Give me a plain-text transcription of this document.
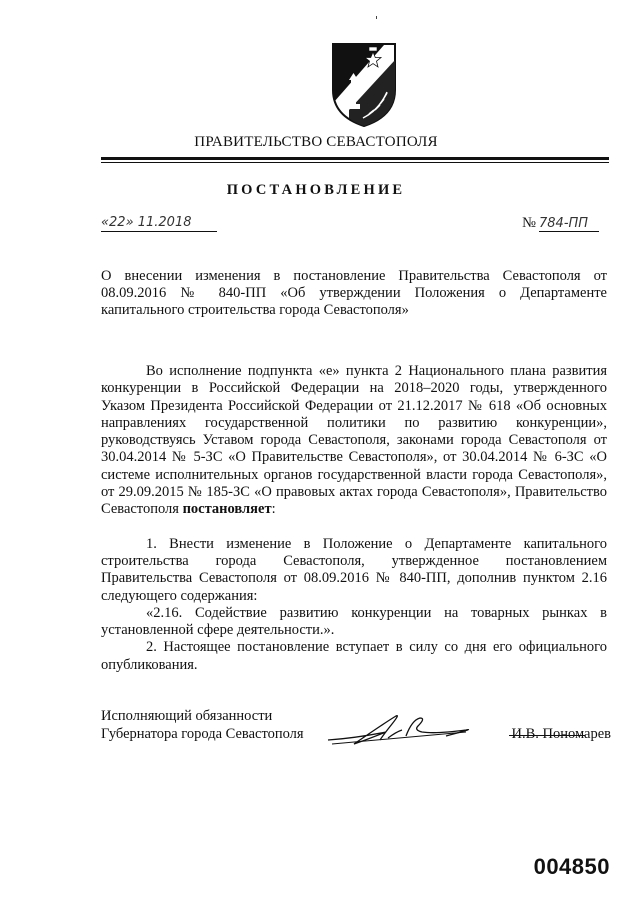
ПРАВИТЕЛЬСТВО СЕВАСТОПОЛЯ
ПОСТАНОВЛЕНИЕ
«22» 11.2018	№ 784-ПП
О внесении изменения в постановление Правительства Севастополя от 08.09.2016 № 840-ПП «Об утверждении Положения о Департаменте капитального строительства города Севастополя»

Во исполнение подпункта «е» пункта 2 Национального плана развития конкуренции в Российской Федерации на 2018–2020 годы, утвержденного Указом Президента Российской Федерации от 21.12.2017 № 618 «Об основных направлениях государственной политики по развитию конкуренции», руководствуясь Уставом города Севастополя, законами города Севастополя от 30.04.2014 № 5-ЗС «О Правительстве Севастополя», от 30.04.2014 № 6-ЗС «О системе исполнительных органов государственной власти города Севастополя», от 29.09.2015 № 185-ЗС «О правовых актах города Севастополя», Правительство Севастополя постановляет:

1. Внести изменение в Положение о Департаменте капитального строительства города Севастополя, утвержденное постановлением Правительства Севастополя от 08.09.2016 № 840-ПП, дополнив пунктом 2.16 следующего содержания:

«2.16. Содействие развитию конкуренции на товарных рынках в установленной сфере деятельности.».

2. Настоящее постановление вступает в силу со дня его официального опубликования.

Исполняющий обязанности
Губернатора города Севастополя	И.В. Пономарев
004850
